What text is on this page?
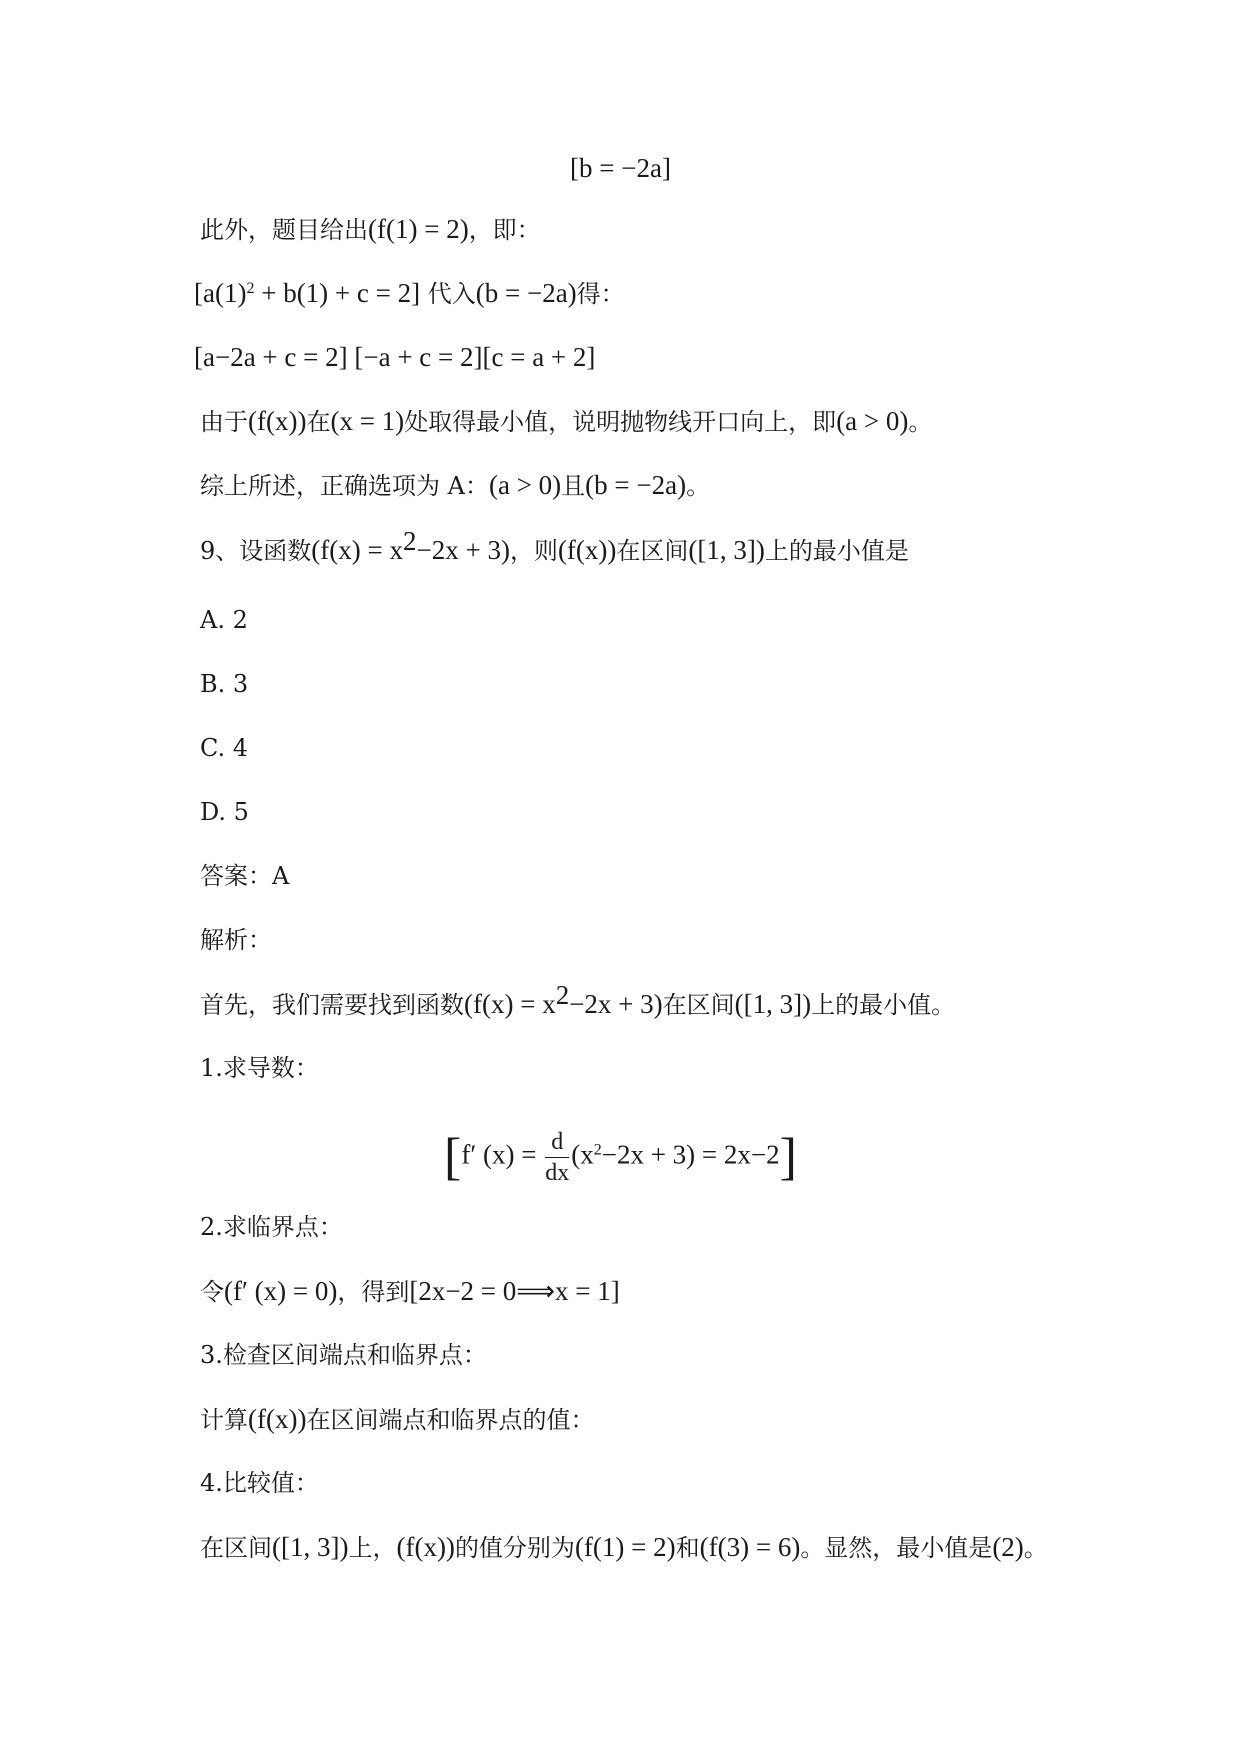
[b = −2a]
此外，题目给出(f(1) = 2)，即：
$[a(1)^2 + b(1) + c = 2]$ 代入(b = −2a)得：
[a−2a + c = 2] [−a + c = 2][c = a + 2]
由于(f(x))在(x = 1)处取得最小值，说明抛物线开口向上，即(a > 0)。
综上所述，正确选项为 A：(a > 0)且(b = −2a)。
9、设函数$(f(x) = x^2-2x + 3)$，则(f(x))在区间([1, 3])上的最小值是
A. 2
B. 3
C. 4
D. 5
答案：A
解析：
首先，我们需要找到函数$(f(x) = x^2-2x + 3)$在区间([1, 3])上的最小值。
1.求导数：
[f′ $(x) = \frac{d}{dx} (x^2-2x + 3) = 2x-2$]
2.求临界点：
令(f′ (x) = 0)，得到[2x−2 = 0⟹x = 1]
3.检查区间端点和临界点：
计算(f(x))在区间端点和临界点的值：
4.比较值：
在区间([1, 3])上，(f(x))的值分别为(f(1) = 2)和(f(3) = 6)。显然，最小值是(2)。
